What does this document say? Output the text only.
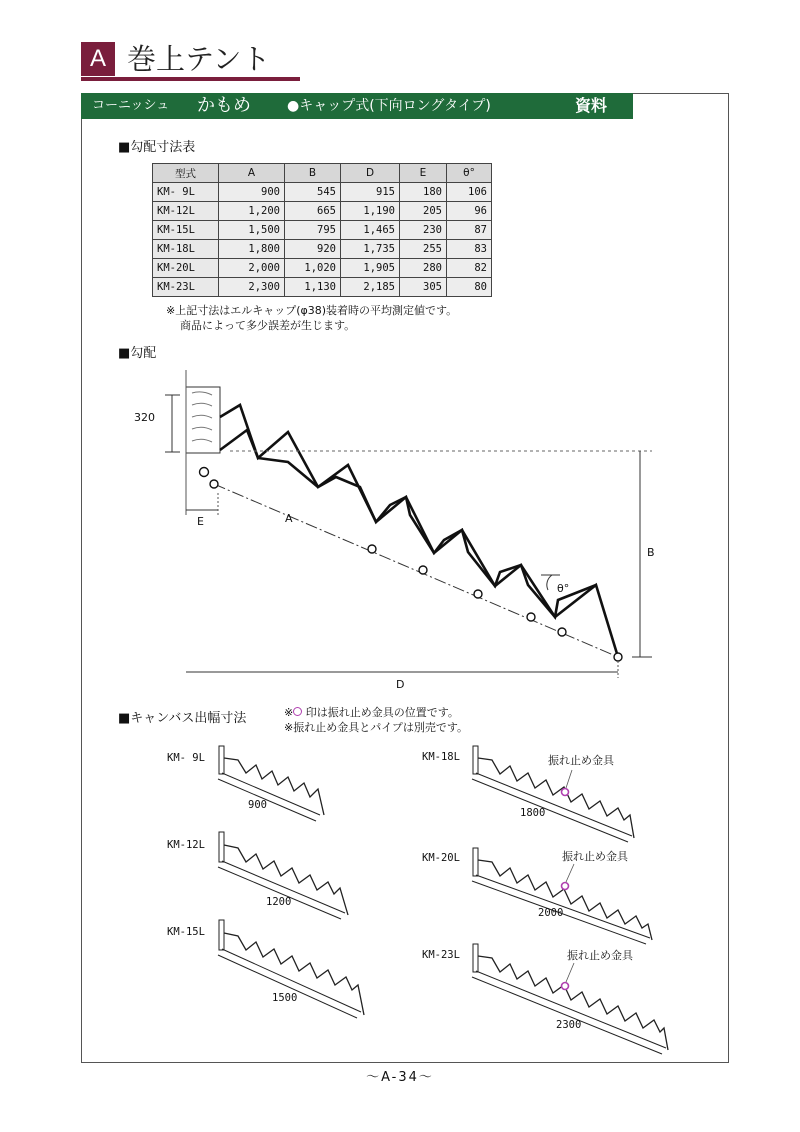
A 巻上テント
コーニッシュ かもめ	●キャップ式(下向ロングタイプ)	資料
■勾配寸法表
型式	A	B	D	E	θ°
KM- 9L	900	545	915	180	106
KM-12L	1,200	665	1,190	205	96
KM-15L	1,500	795	1,465	230	87
KM-18L	1,800	920	1,735	255	83
KM-20L	2,000	1,020	1,905	280	82
KM-23L	2,300	1,130	2,185	305	80
※上記寸法はエルキャップ(φ38)装着時の平均測定値です。
商品によって多少誤差が生じます。
■勾配
320
θ°
A
E
B
D
KM- 9L
900
KM-12L
1200
KM-15L
1500
KM-18L	振れ止め金具
1800
KM-20L	振れ止め金具
2000
KM-23L	振れ止め金具
2300
■キャンバス出幅寸法	※ 印は振れ止め金具の位置です。
※振れ止め金具とパイプは別売です。
～A-34～
